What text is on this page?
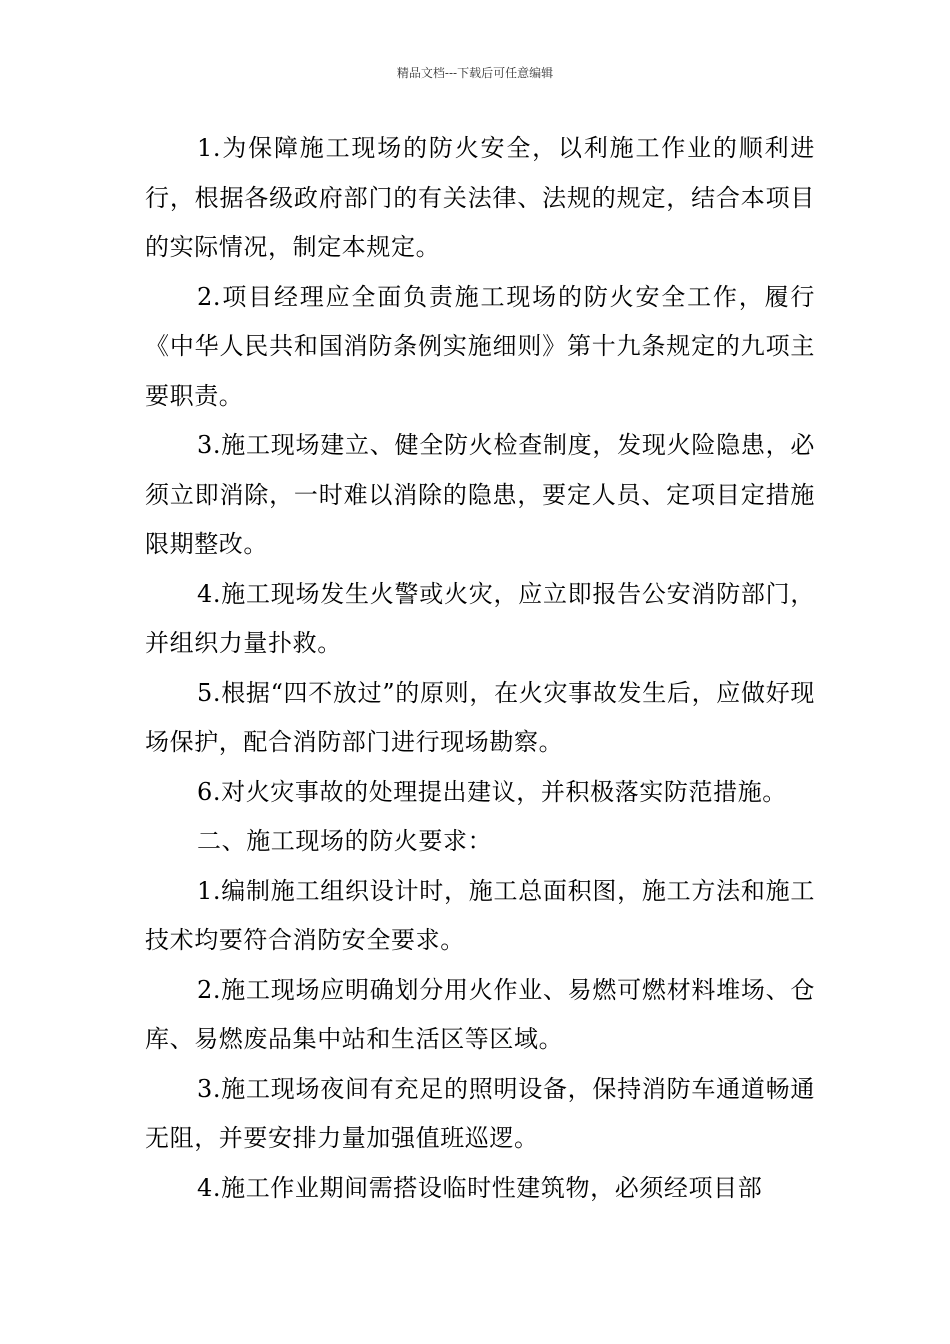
精品文档---下载后可任意编辑

1.为保障施工现场的防火安全，以利施工作业的顺利进行，根据各级政府部门的有关法律、法规的规定，结合本项目的实际情况，制定本规定。

2.项目经理应全面负责施工现场的防火安全工作，履行《中华人民共和国消防条例实施细则》第十九条规定的九项主要职责。

3.施工现场建立、健全防火检查制度，发现火险隐患，必须立即消除，一时难以消除的隐患，要定人员、定项目定措施限期整改。

4.施工现场发生火警或火灾，应立即报告公安消防部门，并组织力量扑救。

5.根据“四不放过”的原则，在火灾事故发生后，应做好现场保护，配合消防部门进行现场勘察。

6.对火灾事故的处理提出建议，并积极落实防范措施。

二、施工现场的防火要求：

1.编制施工组织设计时，施工总面积图，施工方法和施工技术均要符合消防安全要求。

2.施工现场应明确划分用火作业、易燃可燃材料堆场、仓库、易燃废品集中站和生活区等区域。

3.施工现场夜间有充足的照明设备，保持消防车通道畅通无阻，并要安排力量加强值班巡逻。

4.施工作业期间需搭设临时性建筑物，必须经项目部
